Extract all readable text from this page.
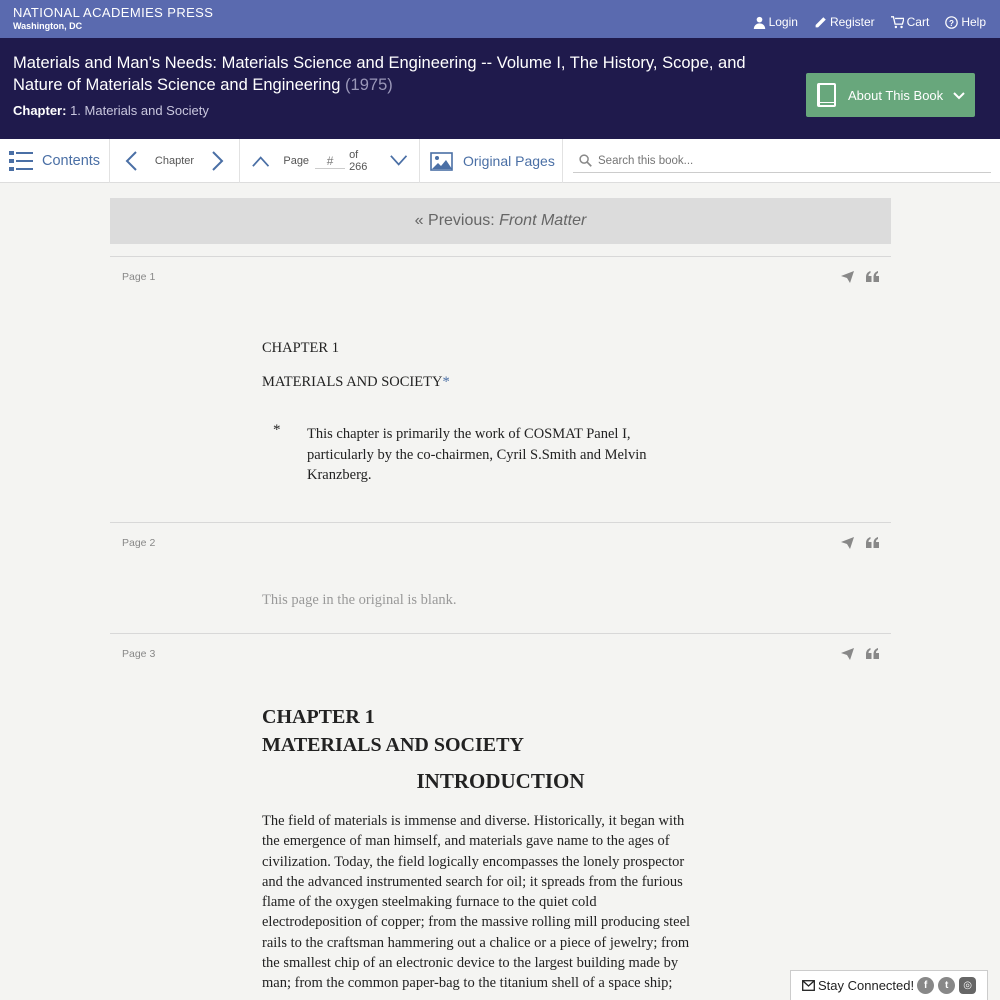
NATIONAL ACADEMIES PRESS
Washington, DC	Login	Register	Cart ? Help
Materials and Man's Needs: Materials Science and Engineering -- Volume I, The History, Scope, and Nature of Materials Science and Engineering (1975)
Chapter: 1. Materials and Society
About This Book
Contents	Chapter	Page
#	of 266	Original Pages
Search this book...
« Previous:
Front Matter
Page 1
CHAPTER 1
MATERIALS AND SOCIETY*
* This chapter is primarily the work of COSMAT Panel I,
particularly by the co-chairmen, Cyril S.Smith and Melvin
Kranzberg.
Page 2
This page in the original is blank.
Page 3
CHAPTER 1
MATERIALS AND SOCIETY
INTRODUCTION
The field of materials is immense and diverse. Historically, it began with
the emergence of man himself, and materials gave name to the ages of
civilization. Today, the field logically encompasses the lonely prospector
and the advanced instrumented search for oil; it spreads from the furious
flame of the oxygen steelmaking furnace to the quiet cold
electrodeposition of copper; from the massive rolling mill producing steel
rails to the craftsman hammering out a chalice or a piece of jewelry; from
the smallest chip of an electronic device to the largest building made by
man; from the common paper-bag to the titanium shell of a space ship;	Stay Connected! f	t	◎
